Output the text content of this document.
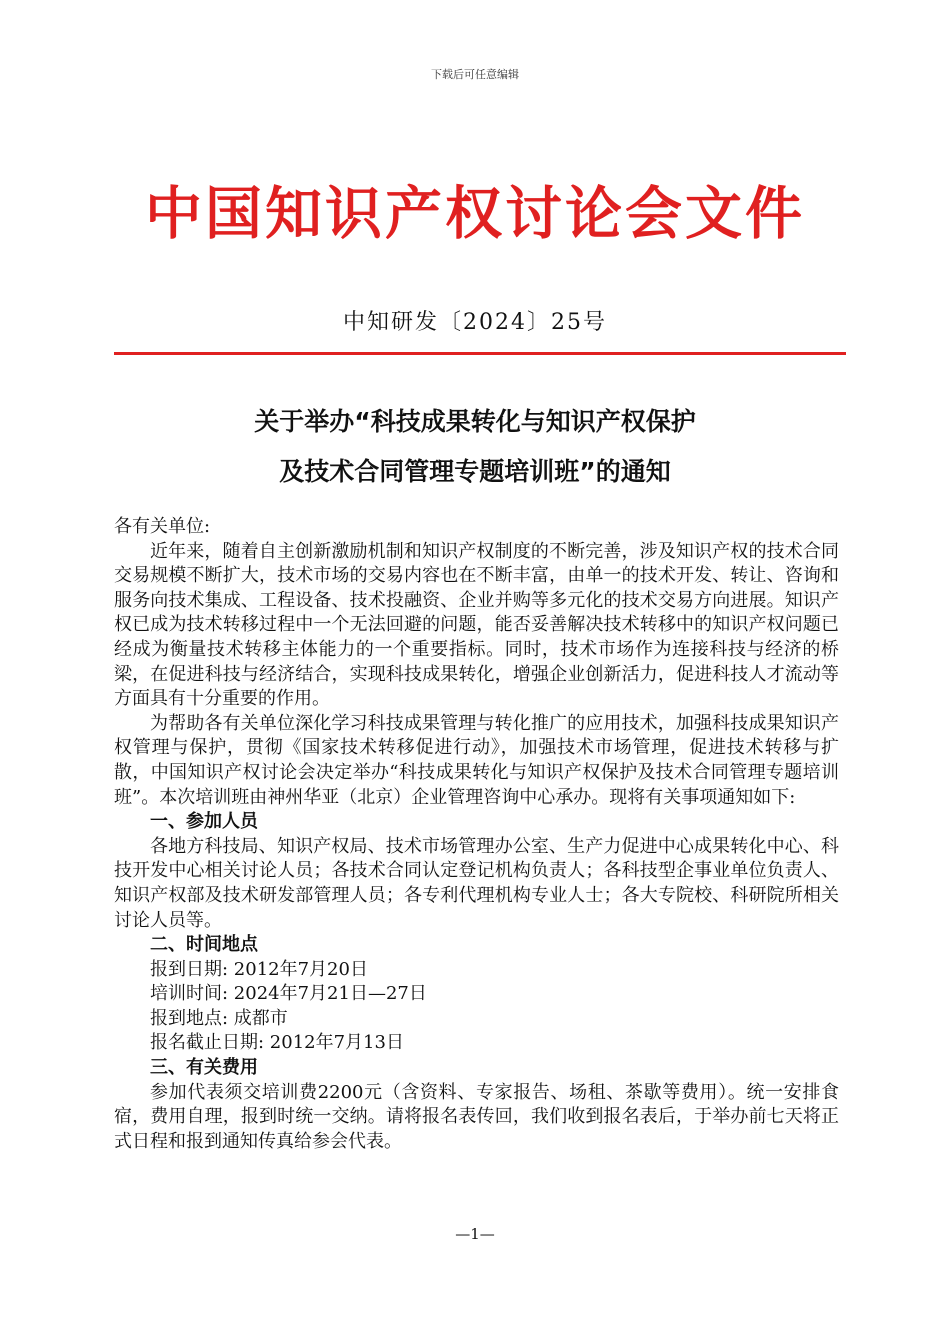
下载后可任意编辑
中国知识产权讨论会文件
中知研发〔2024〕25号
关于举办“科技成果转化与知识产权保护
及技术合同管理专题培训班”的通知

各有关单位:

近年来，随着自主创新激励机制和知识产权制度的不断完善，涉及知识产权的技术合同交易规模不断扩大，技术市场的交易内容也在不断丰富，由单一的技术开发、转让、咨询和服务向技术集成、工程设备、技术投融资、企业并购等多元化的技术交易方向进展。知识产权已成为技术转移过程中一个无法回避的问题，能否妥善解决技术转移中的知识产权问题已经成为衡量技术转移主体能力的一个重要指标。同时，技术市场作为连接科技与经济的桥梁，在促进科技与经济结合，实现科技成果转化，增强企业创新活力，促进科技人才流动等方面具有十分重要的作用。

为帮助各有关单位深化学习科技成果管理与转化推广的应用技术，加强科技成果知识产权管理与保护，贯彻《国家技术转移促进行动》，加强技术市场管理，促进技术转移与扩散，中国知识产权讨论会决定举办“科技成果转化与知识产权保护及技术合同管理专题培训班”。本次培训班由神州华亚（北京）企业管理咨询中心承办。现将有关事项通知如下:

一、参加人员

各地方科技局、知识产权局、技术市场管理办公室、生产力促进中心成果转化中心、科技开发中心相关讨论人员；各技术合同认定登记机构负责人；各科技型企事业单位负责人、知识产权部及技术研发部管理人员；各专利代理机构专业人士；各大专院校、科研院所相关讨论人员等。

二、时间地点

报到日期: 2012年7月20日

培训时间: 2024年7月21日—27日

报到地点: 成都市

报名截止日期: 2012年7月13日

三、有关费用

参加代表须交培训费2200元（含资料、专家报告、场租、茶歇等费用）。统一安排食宿，费用自理，报到时统一交纳。请将报名表传回，我们收到报名表后，于举办前七天将正式日程和报到通知传真给参会代表。

—1—
